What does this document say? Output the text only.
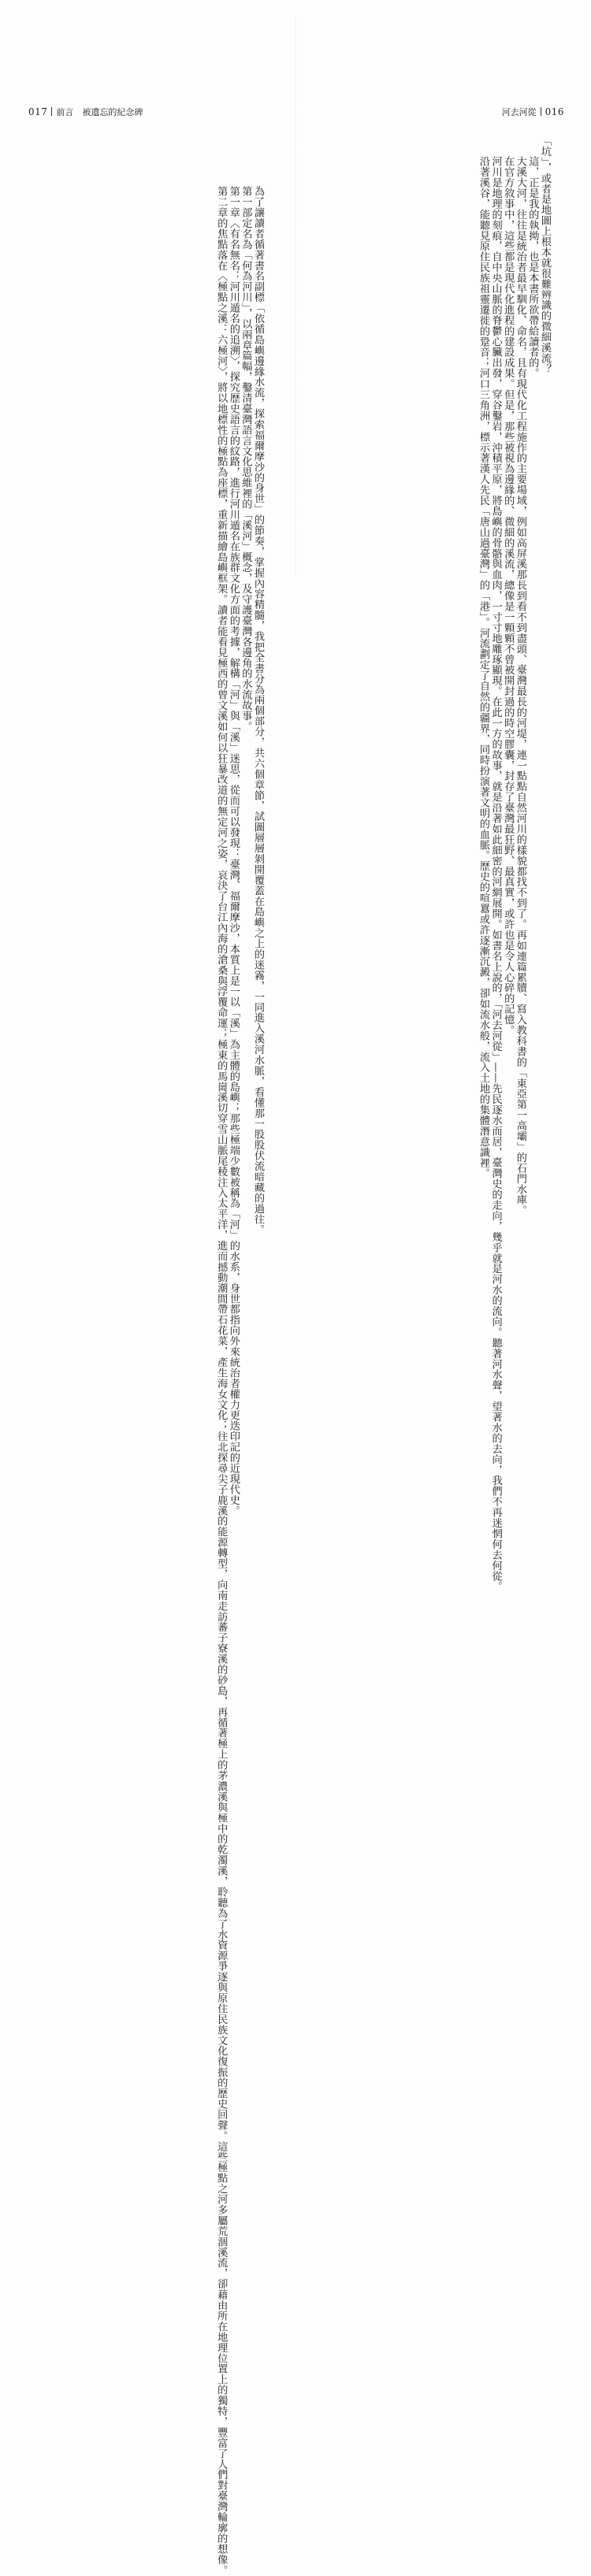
017 前言  被遺忘的紀念碑	河去河從 016
為了讓讀者循著書名副標「依循島嶼邊緣水流，探索福爾摩沙的身世」的節奏，掌握內容精髓，我把全書分為兩個部分，共六個章節，試圖層層剝開覆蓋在島嶼之上的迷霧，一同進入溪河水脈，看懂那一股股伏流暗藏的過往。
第一部定名為「何為河川」，以兩章篇幅，鑿清臺灣語言文化思維裡的「溪河」概念，及守護臺灣各邊角的水流故事。
第一章〈有名無名：河川遁名的追溯〉，探究歷史語言的紋路，進行河川遁名在族群文化方面的考據，解構「河」與「溪」迷思，從而可以發現：臺灣、福爾摩沙，本質上是一以「溪」為主體的島嶼；那些極端少數被稱為「河」的水系，身世都指向外來統治者權力更迭印記的近現代史。
第二章的焦點落在〈極點之溪：六極河〉，將以地標性的極點為座標，重新描繪島嶼框架。讀者能看見極西的曾文溪如何以狂暴改道的無定河之姿，哀決了台江內海的滄桑與浮覆命運；極東的馬崗溪切穿雪山脈尾稜注入太平洋，進而撼動潮間帶石花菜，產生海女文化；往北探尋尖子鹿溪的能源轉型，向南走訪蕃子寮溪的砂島，再循著極上的茅濃溪與極中的乾濁溪，聆聽為了水資源爭逐與原住民族文化復振的歷史回聲。這些極點之河多屬荒涸溪流，卻藉由所在地理位置上的獨特，豐富了人們對臺灣輪廓的想像。	「坑」，或者是地圖上根本就很難辨識的微細溪流？
這，正是我的執拗，也是本書所欲帶給讀者的。
大溪大河，往往是統治者最早馴化、命名，且有現代化工程施作的主要場域，例如高屏溪那長到看不到盡頭、臺灣最長的河堤，連一點點自然河川的樣貌都找不到了。再如連篇累牘、寫入教科書的「東亞第一高壩」的石門水庫。
在官方敘事中，這些都是現代化進程的建設成果。但是，那些被視為邊緣的、微細的溪流，總像是一顆顆不曾被開封過的時空膠囊，封存了臺灣最狂野、最真實，或許也是令人心碎的記憶。
河川是地理的刻痕，自中央山脈的脊鬱心臟出發，穿谷鑿岩，沖積平原，將島嶼的骨骼與血肉，一寸寸地雕琢顯現。在此一方的故事，就是沿著如此細密的河網展開。如書名上說的，「河去河從」——先民逐水而居，臺灣史的走向，幾乎就是河水的流向。聽著河水聲，望著水的去向，我們不再迷惘何去何從。
沿著溪谷，能聽見原住民族祖靈遷徙的跫音；河口三角洲，標示著漢人先民「唐山過臺灣」的「港」。河流劃定了自然的疆界，同時扮演著文明的血脈。歷史的喧囂或許逐漸沉澱，卻如流水般，流入土地的集體潛意識裡。
